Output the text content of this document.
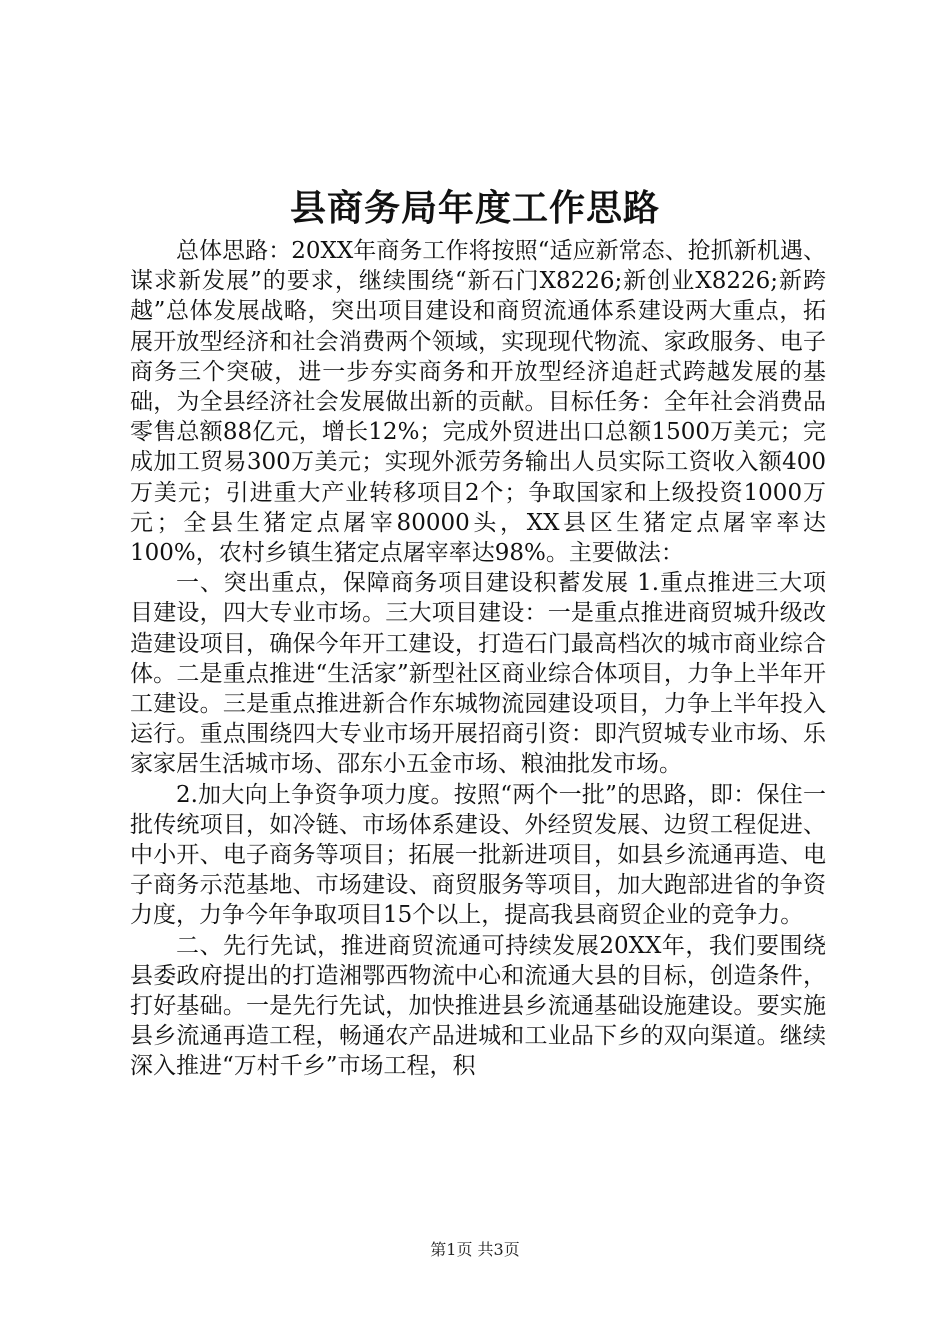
县商务局年度工作思路

总体思路：20XX年商务工作将按照“适应新常态、抢抓新机遇、谋求新发展”的要求，继续围绕“新石门X8226;新创业X8226;新跨越”总体发展战略，突出项目建设和商贸流通体系建设两大重点，拓展开放型经济和社会消费两个领域，实现现代物流、家政服务、电子商务三个突破，进一步夯实商务和开放型经济追赶式跨越发展的基础，为全县经济社会发展做出新的贡献。目标任务：全年社会消费品零售总额88亿元，增长12%；完成外贸进出口总额1500万美元；完成加工贸易300万美元；实现外派劳务输出人员实际工资收入额400万美元；引进重大产业转移项目2个；争取国家和上级投资1000万元；全县生猪定点屠宰80000头，XX县区生猪定点屠宰率达100%，农村乡镇生猪定点屠宰率达98%。主要做法：

一、突出重点，保障商务项目建设积蓄发展 1.重点推进三大项目建设，四大专业市场。三大项目建设：一是重点推进商贸城升级改造建设项目，确保今年开工建设，打造石门最高档次的城市商业综合体。二是重点推进“生活家”新型社区商业综合体项目，力争上半年开工建设。三是重点推进新合作东城物流园建设项目，力争上半年投入运行。重点围绕四大专业市场开展招商引资：即汽贸城专业市场、乐家家居生活城市场、邵东小五金市场、粮油批发市场。

2.加大向上争资争项力度。按照“两个一批”的思路，即：保住一批传统项目，如冷链、市场体系建设、外经贸发展、边贸工程促进、中小开、电子商务等项目；拓展一批新进项目，如县乡流通再造、电子商务示范基地、市场建设、商贸服务等项目，加大跑部进省的争资力度，力争今年争取项目15个以上，提高我县商贸企业的竞争力。

二、先行先试，推进商贸流通可持续发展20XX年，我们要围绕县委政府提出的打造湘鄂西物流中心和流通大县的目标，创造条件，打好基础。一是先行先试，加快推进县乡流通基础设施建设。要实施县乡流通再造工程，畅通农产品进城和工业品下乡的双向渠道。继续深入推进“万村千乡”市场工程，积

第1页 共3页
